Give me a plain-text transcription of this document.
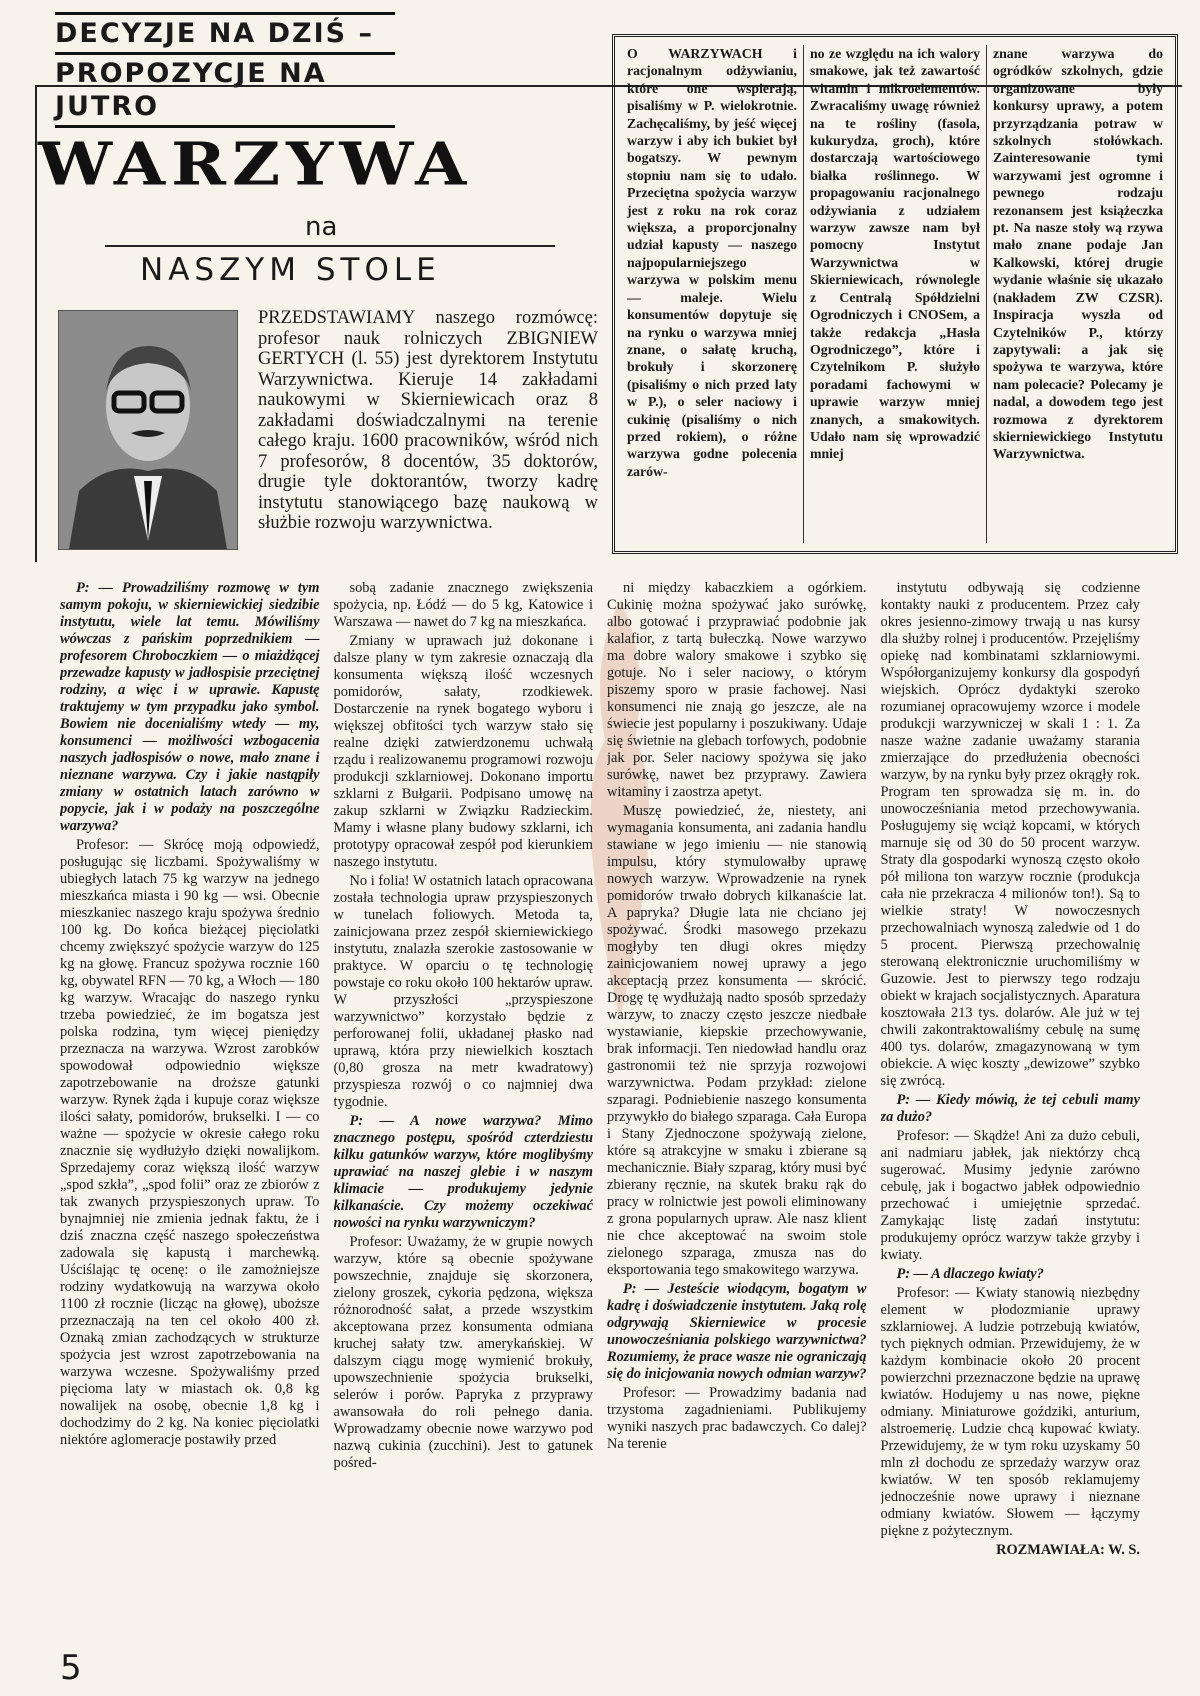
DECYZJE NA DZIŚ –
PROPOZYCJE NA JUTRO
WARZYWA
na
NASZYM STOLE
PRZEDSTAWIAMY naszego rozmówcę: profesor nauk rolniczych ZBIGNIEW GERTYCH (l. 55) jest dyrektorem Instytutu Warzywnictwa. Kieruje 14 zakładami naukowymi w Skierniewicach oraz 8 zakładami doświadczalnymi na terenie całego kraju. 1600 pracowników, wśród nich 7 profesorów, 8 docentów, 35 doktorów, drugie tyle doktorantów, tworzy kadrę instytutu stanowiącego bazę naukową w służbie rozwoju warzywnictwa.
O WARZYWACH i racjonalnym odżywianiu, które one wspierają, pisaliśmy w P. wielokrotnie. Zachęcaliśmy, by jeść więcej warzyw i aby ich bukiet był bogatszy. W pewnym stopniu nam się to udało. Przeciętna spożycia warzyw jest z roku na rok coraz większa, a proporcjonalny udział kapusty — naszego najpopularniejszego warzywa w polskim menu — maleje. Wielu konsumentów dopytuje się na rynku o warzywa mniej znane, o sałatę kruchą, brokuły i skorzonerę (pisaliśmy o nich przed laty w P.), o seler naciowy i cukinię (pisaliśmy o nich przed rokiem), o różne warzywa godne polecenia zarów-
no ze względu na ich walory smakowe, jak też zawartość witamin i mikroelementów. Zwracaliśmy uwagę również na te rośliny (fasola, kukurydza, groch), które dostarczają wartościowego białka roślinnego. W propagowaniu racjonalnego odżywiania z udziałem warzyw zawsze nam był pomocny Instytut Warzywnictwa w Skierniewicach, równolegle z Centralą Spółdzielni Ogrodniczych i CNOSem, a także redakcja „Hasła Ogrodniczego”, które i Czytelnikom P. służyło poradami fachowymi w uprawie warzyw mniej znanych, a smakowitych. Udało nam się wprowadzić mniej
znane warzywa do ogródków szkolnych, gdzie organizowane były konkursy uprawy, a potem przyrządzania potraw w szkolnych stołówkach. Zainteresowanie tymi warzywami jest ogromne i pewnego rodzaju rezonansem jest książeczka pt. Na nasze stoły wą rzywa mało znane podaje Jan Kalkowski, której drugie wydanie właśnie się ukazało (nakładem ZW CZSR). Inspiracja wyszła od Czytelników P., którzy zapytywali: a jak się spożywa te warzywa, które nam polecacie? Polecamy je nadal, a dowodem tego jest rozmowa z dyrektorem skierniewickiego Instytutu Warzywnictwa.

P: — Prowadziliśmy rozmowę w tym samym pokoju, w skierniewickiej siedzibie instytutu, wiele lat temu. Mówiliśmy wówczas z pańskim poprzednikiem — profesorem Chroboczkiem — o miażdżącej przewadze kapusty w jadłospisie przeciętnej rodziny, a więc i w uprawie. Kapustę traktujemy w tym przypadku jako symbol. Bowiem nie docenialiśmy wtedy — my, konsumenci — możliwości wzbogacenia naszych jadłospisów o nowe, mało znane i nieznane warzywa. Czy i jakie nastąpiły zmiany w ostatnich latach zarówno w popycie, jak i w podaży na poszczególne warzywa?

Profesor: — Skrócę moją odpowiedź, posługując się liczbami. Spożywaliśmy w ubiegłych latach 75 kg warzyw na jednego mieszkańca miasta i 90 kg — wsi. Obecnie mieszkaniec naszego kraju spożywa średnio 100 kg. Do końca bieżącej pięciolatki chcemy zwiększyć spożycie warzyw do 125 kg na głowę. Francuz spożywa rocznie 160 kg, obywatel RFN — 70 kg, a Włoch — 180 kg warzyw. Wracając do naszego rynku trzeba powiedzieć, że im bogatsza jest polska rodzina, tym więcej pieniędzy przeznacza na warzywa. Wzrost zarobków spowodował odpowiednio większe zapotrzebowanie na droższe gatunki warzyw. Rynek żąda i kupuje coraz większe ilości sałaty, pomidorów, brukselki. I — co ważne — spożycie w okresie całego roku znacznie się wydłużyło dzięki nowalijkom. Sprzedajemy coraz większą ilość warzyw „spod szkła”, „spod folii” oraz ze zbiorów z tak zwanych przyspieszonych upraw. To bynajmniej nie zmienia jednak faktu, że i dziś znaczna część naszego społeczeństwa zadowala się kapustą i marchewką. Uściślając tę ocenę: o ile zamożniejsze rodziny wydatkowują na warzywa około 1100 zł rocznie (licząc na głowę), uboższe przeznaczają na ten cel około 400 zł. Oznaką zmian zachodzących w strukturze spożycia jest wzrost zapotrzebowania na warzywa wczesne. Spożywaliśmy przed pięcioma laty w miastach ok. 0,8 kg nowalijek na osobę, obecnie 1,8 kg i dochodzimy do 2 kg. Na koniec pięciolatki niektóre aglomeracje postawiły przed

sobą zadanie znacznego zwiększenia spożycia, np. Łódź — do 5 kg, Katowice i Warszawa — nawet do 7 kg na mieszkańca.

Zmiany w uprawach już dokonane i dalsze plany w tym zakresie oznaczają dla konsumenta większą ilość wczesnych pomidorów, sałaty, rzodkiewek. Dostarczenie na rynek bogatego wyboru i większej obfitości tych warzyw stało się realne dzięki zatwierdzonemu uchwałą rządu i realizowanemu programowi rozwoju produkcji szklarniowej. Dokonano importu szklarni z Bułgarii. Podpisano umowę na zakup szklarni w Związku Radzieckim. Mamy i własne plany budowy szklarni, ich prototypy opracował zespół pod kierunkiem naszego instytutu.

No i folia! W ostatnich latach opracowana została technologia upraw przyspieszonych w tunelach foliowych. Metoda ta, zainicjowana przez zespół skierniewickiego instytutu, znalazła szerokie zastosowanie w praktyce. W oparciu o tę technologię powstaje co roku około 100 hektarów upraw. W przyszłości „przyspieszone warzywnictwo” korzystało będzie z perforowanej folii, układanej płasko nad uprawą, która przy niewielkich kosztach (0,80 grosza na metr kwadratowy) przyspiesza rozwój o co najmniej dwa tygodnie.

P: — A nowe warzywa? Mimo znacznego postępu, spośród czterdziestu kilku gatunków warzyw, które moglibyśmy uprawiać na naszej glebie i w naszym klimacie — produkujemy jedynie kilkanaście. Czy możemy oczekiwać nowości na rynku warzywniczym?

Profesor: Uważamy, że w grupie nowych warzyw, które są obecnie spożywane powszechnie, znajduje się skorzonera, zielony groszek, cykoria pędzona, większa różnorodność sałat, a przede wszystkim akceptowana przez konsumenta odmiana kruchej sałaty tzw. amerykańskiej. W dalszym ciągu mogę wymienić brokuły, upowszechnienie spożycia brukselki, selerów i porów. Papryka z przyprawy awansowała do roli pełnego dania. Wprowadzamy obecnie nowe warzywo pod nazwą cukinia (zucchini). Jest to gatunek pośred-

ni między kabaczkiem a ogórkiem. Cukinię można spożywać jako surówkę, albo gotować i przyprawiać podobnie jak kalafior, z tartą bułeczką. Nowe warzywo ma dobre walory smakowe i szybko się gotuje. No i seler naciowy, o którym piszemy sporo w prasie fachowej. Nasi konsumenci nie znają go jeszcze, ale na świecie jest popularny i poszukiwany. Udaje się świetnie na glebach torfowych, podobnie jak por. Seler naciowy spożywa się jako surówkę, nawet bez przyprawy. Zawiera witaminy i zaostrza apetyt.

Muszę powiedzieć, że, niestety, ani wymagania konsumenta, ani zadania handlu stawiane w jego imieniu — nie stanowią impulsu, który stymulowałby uprawę nowych warzyw. Wprowadzenie na rynek pomidorów trwało dobrych kilkanaście lat. A papryka? Długie lata nie chciano jej spożywać. Środki masowego przekazu mogłyby ten długi okres między zainicjowaniem nowej uprawy a jego akceptacją przez konsumenta — skrócić. Drogę tę wydłużają nadto sposób sprzedaży warzyw, to znaczy często jeszcze niedbałe wystawianie, kiepskie przechowywanie, brak informacji. Ten niedowład handlu oraz gastronomii też nie sprzyja rozwojowi warzywnictwa. Podam przykład: zielone szparagi. Podniebienie naszego konsumenta przywykło do białego szparaga. Cała Europa i Stany Zjednoczone spożywają zielone, które są atrakcyjne w smaku i zbierane są mechanicznie. Biały szparag, który musi być zbierany ręcznie, na skutek braku rąk do pracy w rolnictwie jest powoli eliminowany z grona popularnych upraw. Ale nasz klient nie chce akceptować na swoim stole zielonego szparaga, zmusza nas do eksportowania tego smakowitego warzywa.

P: — Jesteście wiodącym, bogatym w kadrę i doświadczenie instytutem. Jaką rolę odgrywają Skierniewice w procesie unowocześniania polskiego warzywnictwa? Rozumiemy, że prace wasze nie ograniczają się do inicjowania nowych odmian warzyw?

Profesor: — Prowadzimy badania nad trzystoma zagadnieniami. Publikujemy wyniki naszych prac badawczych. Co dalej? Na terenie

instytutu odbywają się codzienne kontakty nauki z producentem. Przez cały okres jesienno-zimowy trwają u nas kursy dla służby rolnej i producentów. Przejęliśmy opiekę nad kombinatami szklarniowymi. Współorganizujemy konkursy dla gospodyń wiejskich. Oprócz dydaktyki szeroko rozumianej opracowujemy wzorce i modele produkcji warzywniczej w skali 1 : 1. Za nasze ważne zadanie uważamy starania zmierzające do przedłużenia obecności warzyw, by na rynku były przez okrągły rok. Program ten sprowadza się m. in. do unowocześniania metod przechowywania. Posługujemy się wciąż kopcami, w których marnuje się od 30 do 50 procent warzyw. Straty dla gospodarki wynoszą często około pół miliona ton warzyw rocznie (produkcja cała nie przekracza 4 milionów ton!). Są to wielkie straty! W nowoczesnych przechowalniach wynoszą zaledwie od 1 do 5 procent. Pierwszą przechowalnię sterowaną elektronicznie uruchomiliśmy w Guzowie. Jest to pierwszy tego rodzaju obiekt w krajach socjalistycznych. Aparatura kosztowała 213 tys. dolarów. Ale już w tej chwili zakontraktowaliśmy cebulę na sumę 400 tys. dolarów, zmagazynowaną w tym obiekcie. A więc koszty „dewizowe” szybko się zwrócą.

P: — Kiedy mówią, że tej cebuli mamy za dużo?

Profesor: — Skądże! Ani za dużo cebuli, ani nadmiaru jabłek, jak niektórzy chcą sugerować. Musimy jedynie zarówno cebulę, jak i bogactwo jabłek odpowiednio przechować i umiejętnie sprzedać. Zamykając listę zadań instytutu: produkujemy oprócz warzyw także grzyby i kwiaty.

P: — A dlaczego kwiaty?

Profesor: — Kwiaty stanowią niezbędny element w płodozmianie uprawy szklarniowej. A ludzie potrzebują kwiatów, tych pięknych odmian. Przewidujemy, że w każdym kombinacie około 20 procent powierzchni przeznaczone będzie na uprawę kwiatów. Hodujemy u nas nowe, piękne odmiany. Miniaturowe goździki, anturium, alstroemerię. Ludzie chcą kupować kwiaty. Przewidujemy, że w tym roku uzyskamy 50 mln zł dochodu ze sprzedaży warzyw oraz kwiatów. W ten sposób reklamujemy jednocześnie nowe uprawy i nieznane odmiany kwiatów. Słowem — łączymy piękne z pożytecznym.

ROZMAWIAŁA: W. S.

5
